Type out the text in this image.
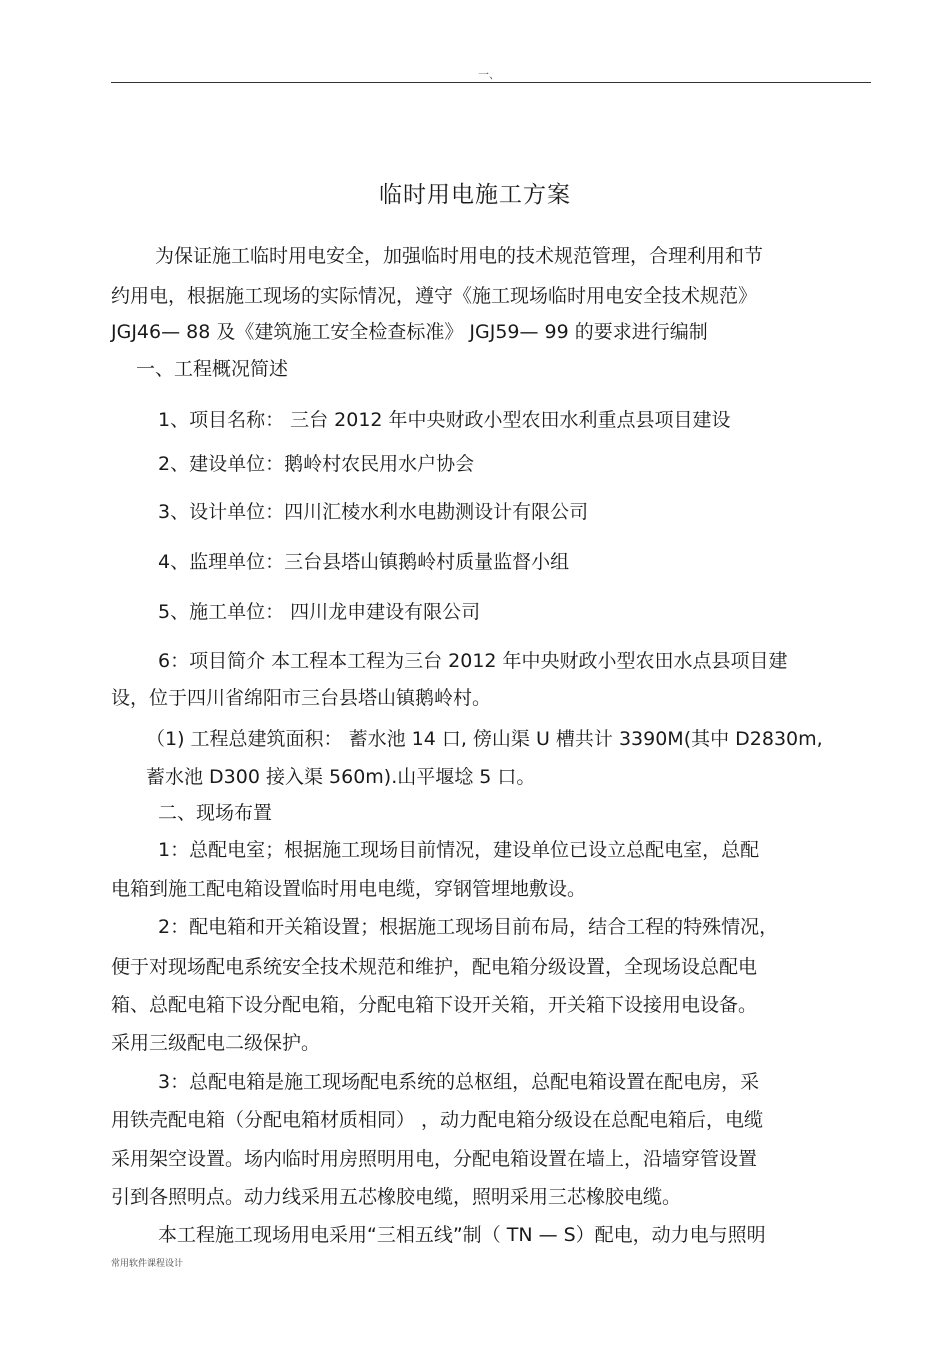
一、
临时用电施工方案
为保证施工临时用电安全，加强临时用电的技术规范管理，合理利用和节
约用电，根据施工现场的实际情况，遵守《施工现场临时用电安全技术规范》
JGJ46— 88 及《建筑施工安全检查标准》 JGJ59— 99 的要求进行编制
一、工程概况简述
1、项目名称： 三台 2012 年中央财政小型农田水利重点县项目建设
2、建设单位：鹅岭村农民用水户协会
3、设计单位：四川汇棱水利水电勘测设计有限公司
4、监理单位：三台县塔山镇鹅岭村质量监督小组
5、施工单位： 四川龙申建设有限公司
6：项目简介 本工程本工程为三台 2012 年中央财政小型农田水点县项目建
设，位于四川省绵阳市三台县塔山镇鹅岭村。
（1) 工程总建筑面积： 蓄水池 14 口, 傍山渠 U 槽共计 3390M(其中 D2830m,
蓄水池 D300 接入渠 560m).山平堰埝 5 口。
二、现场布置
1：总配电室；根据施工现场目前情况，建设单位已设立总配电室，总配
电箱到施工配电箱设置临时用电电缆，穿钢管埋地敷设。
2：配电箱和开关箱设置；根据施工现场目前布局，结合工程的特殊情况，
便于对现场配电系统安全技术规范和维护，配电箱分级设置，全现场设总配电
箱、总配电箱下设分配电箱，分配电箱下设开关箱，开关箱下设接用电设备。
采用三级配电二级保护。
3：总配电箱是施工现场配电系统的总枢组，总配电箱设置在配电房，采
用铁壳配电箱（分配电箱材质相同） ，动力配电箱分级设在总配电箱后，电缆
采用架空设置。场内临时用房照明用电，分配电箱设置在墙上，沿墙穿管设置
引到各照明点。动力线采用五芯橡胶电缆，照明采用三芯橡胶电缆。
本工程施工现场用电采用“三相五线”制（ TN — S）配电，动力电与照明
常用软件课程设计
